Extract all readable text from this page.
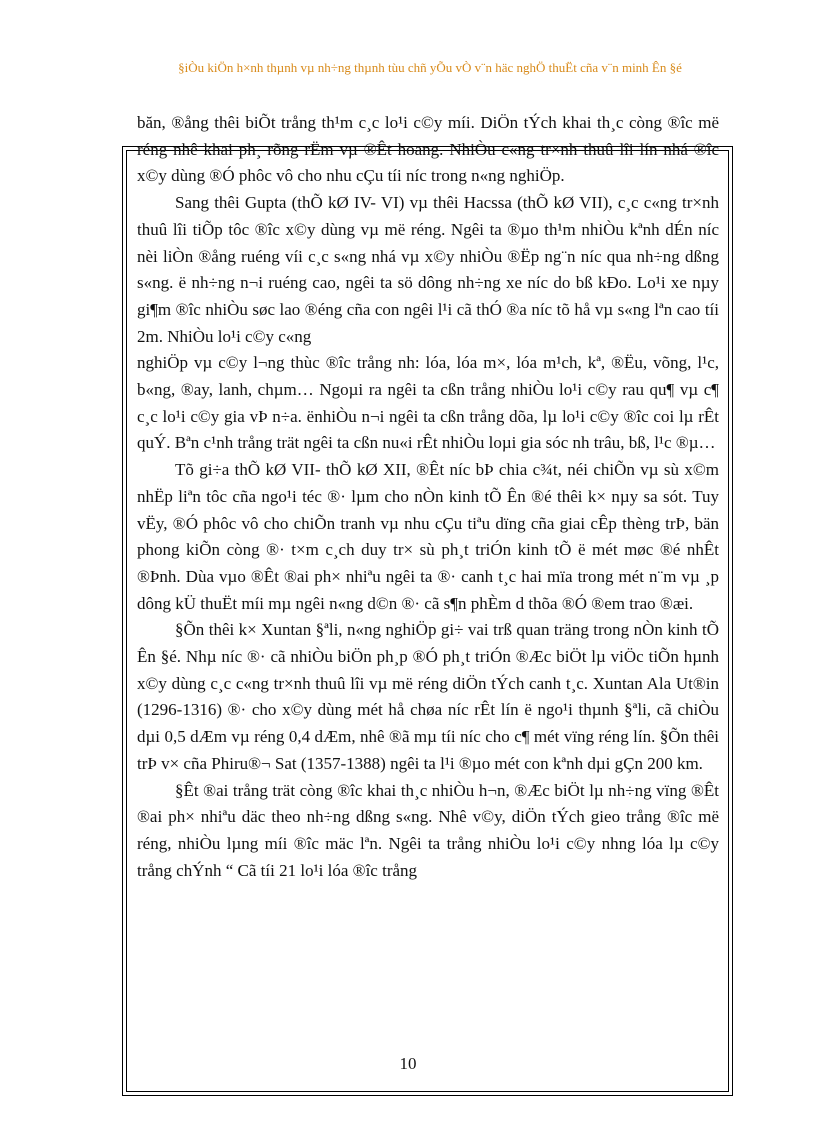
§iÒu kiÖn h×nh thµnh vµ nh÷ng thµnh tùu chñ yÕu vÒ v¨n häc nghÖ thuËt cña v¨n minh Ên §é

băn, ®ång thêi biÕt trång th¹m c¸c lo¹i c©y míi. DiÖn tÝch khai th¸c còng ®îc më réng nhê khai ph¸ rõng rËm vµ ®Êt hoang. NhiÒu c«ng tr×nh thuû lîi lín nhá ®îc x©y dùng ®Ó phôc vô cho nhu cÇu tíi níc trong n«ng nghiÖp.

Sang thêi Gupta (thÕ kØ IV- VI) vµ thêi Hacssa (thÕ kØ VII), c¸c c«ng tr×nh thuû lîi tiÕp tôc ®îc x©y dùng vµ më réng. Ngêi ta ®µo th¹m nhiÒu kªnh dÉn níc nèi liÒn ®ång ruéng víi c¸c s«ng nhá vµ x©y nhiÒu ®Ëp ng¨n níc qua nh÷ng dßng s«ng. ë nh÷ng n¬i ruéng cao, ngêi ta sö dông nh÷ng xe níc do bß kÐo. Lo¹i xe nµy gi¶m ®îc nhiÒu søc lao ®éng cña con ngêi l¹i cã thÓ ®a níc tõ hå vµ s«ng lªn cao tíi 2m. NhiÒu lo¹i c©y c«ng

nghiÖp vµ c©y l¬ng thùc ®îc trång nh: lóa, lóa m×, lóa m¹ch, kª, ®Ëu, võng, l¹c, b«ng, ®ay, lanh, chµm… Ngoµi ra ngêi ta cßn trång nhiÒu lo¹i c©y rau qu¶ vµ c¶ c¸c lo¹i c©y gia vÞ n÷a. ënhiÒu n¬i ngêi ta cßn trång dõa, lµ lo¹i c©y ®îc coi lµ rÊt quÝ. Bªn c¹nh trång trät ngêi ta cßn nu«i rÊt nhiÒu loµi gia sóc nh trâu, bß, l¹c ®µ…

Tõ gi÷a thÕ kØ VII- thÕ kØ XII, ®Êt níc bÞ chia c¾t, néi chiÕn vµ sù x©m nhËp liªn tôc cña ngo¹i téc ®· lµm cho nÒn kinh tÕ Ên ®é thêi k× nµy sa sót. Tuy vËy, ®Ó phôc vô cho chiÕn tranh vµ nhu cÇu tiªu dïng cña giai cÊp thèng trÞ, bän phong kiÕn còng ®· t×m c¸ch duy tr× sù ph¸t triÓn kinh tÕ ë mét møc ®é nhÊt ®Þnh. Dùa vµo ®Êt ®ai ph× nhiªu ngêi ta ®· canh t¸c hai mïa trong mét n¨m vµ ¸p dông kÜ thuËt míi mµ ngêi n«ng d©n ®· cã s¶n phÈm d thõa ®Ó ®em trao ®æi.

§Õn thêi k× Xuntan §ªli, n«ng nghiÖp gi÷ vai trß quan träng trong nÒn kinh tÕ Ên §é. Nhµ níc ®· cã nhiÒu biÖn ph¸p ®Ó ph¸t triÓn ®Æc biÖt lµ viÖc tiÕn hµnh x©y dùng c¸c c«ng tr×nh thuû lîi vµ më réng diÖn tÝch canh t¸c. Xuntan Ala Ut®in (1296-1316) ®· cho x©y dùng mét hå chøa níc rÊt lín ë ngo¹i thµnh §ªli, cã chiÒu dµi 0,5 dÆm vµ réng 0,4 dÆm, nhê ®ã mµ tíi níc cho c¶ mét vïng réng lín. §Õn thêi trÞ v× cña Phiru®¬ Sat (1357-1388) ngêi ta l¹i ®µo mét con kªnh dµi gÇn 200 km.

§Êt ®ai trång trät còng ®îc khai th¸c nhiÒu h¬n, ®Æc biÖt lµ nh÷ng vïng ®Êt ®ai ph× nhiªu däc theo nh÷ng dßng s«ng. Nhê v©y, diÖn tÝch gieo trång ®îc më réng, nhiÒu lµng míi ®îc mäc lªn. Ngêi ta trång nhiÒu lo¹i c©y nhng lóa lµ c©y trång chÝnh “ Cã tíi 21 lo¹i lóa ®îc trång

10
